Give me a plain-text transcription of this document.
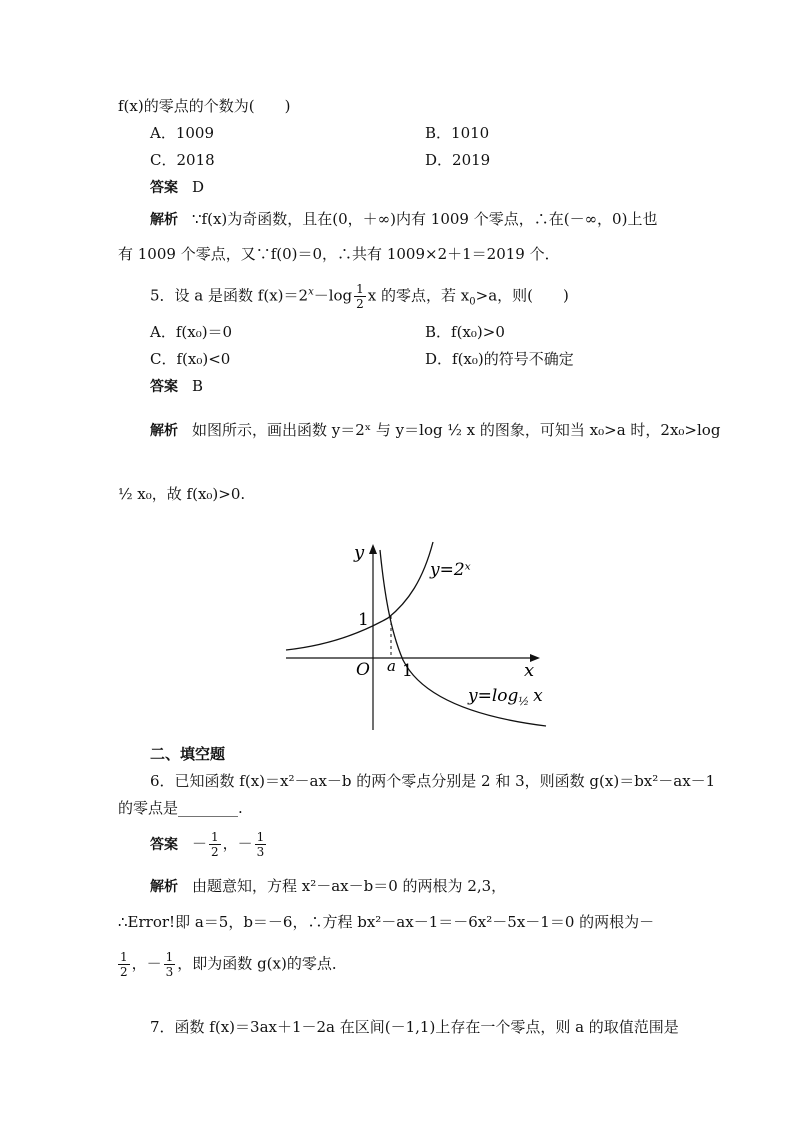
f(x)的零点的个数为(　　)
A．1009	B．1010
C．2018	D．2019
答案 D
解析 ∵f(x)为奇函数，且在(0，＋∞)内有 1009 个零点，∴在(－∞，0)上也
有 1009 个零点，又∵f(0)＝0，∴共有 1009×2＋1＝2019 个．
5．设 a 是函数 $f(x)=2^x-\log \frac{1}{2}$ x 的零点，若 $x_0>a$，则(　　)
A．f(x₀)＝0	B．f(x₀)>0
C．f(x₀)<0	D．f(x₀)的符号不确定
答案 B
解析 如图所示，画出函数 y＝2ˣ 与 y＝log ½ x 的图象，可知当 x₀>a 时，2x₀>log
½ x₀，故 f(x₀)>0.
y
x
O
1
a 1
y=2ˣ
$y=\log_{\frac{1}{2}}$ x
二、填空题
6．已知函数 f(x)＝x²－ax－b 的两个零点分别是 2 和 3，则函数 g(x)＝bx²－ax－1
的零点是________.
答案 － $\frac{1}{2}$ ，－ $\frac{1}{3}$
解析 由题意知，方程 x²－ax－b＝0 的两根为 2,3，
∴Error!即 a＝5，b＝－6，∴方程 bx²－ax－1＝－6x²－5x－1＝0 的两根为－
$\frac{1}{2}$ ，－ $\frac{1}{3}$ ，即为函数 g(x)的零点．
7．函数 f(x)＝3ax＋1－2a 在区间(－1,1)上存在一个零点，则 a 的取值范围是
